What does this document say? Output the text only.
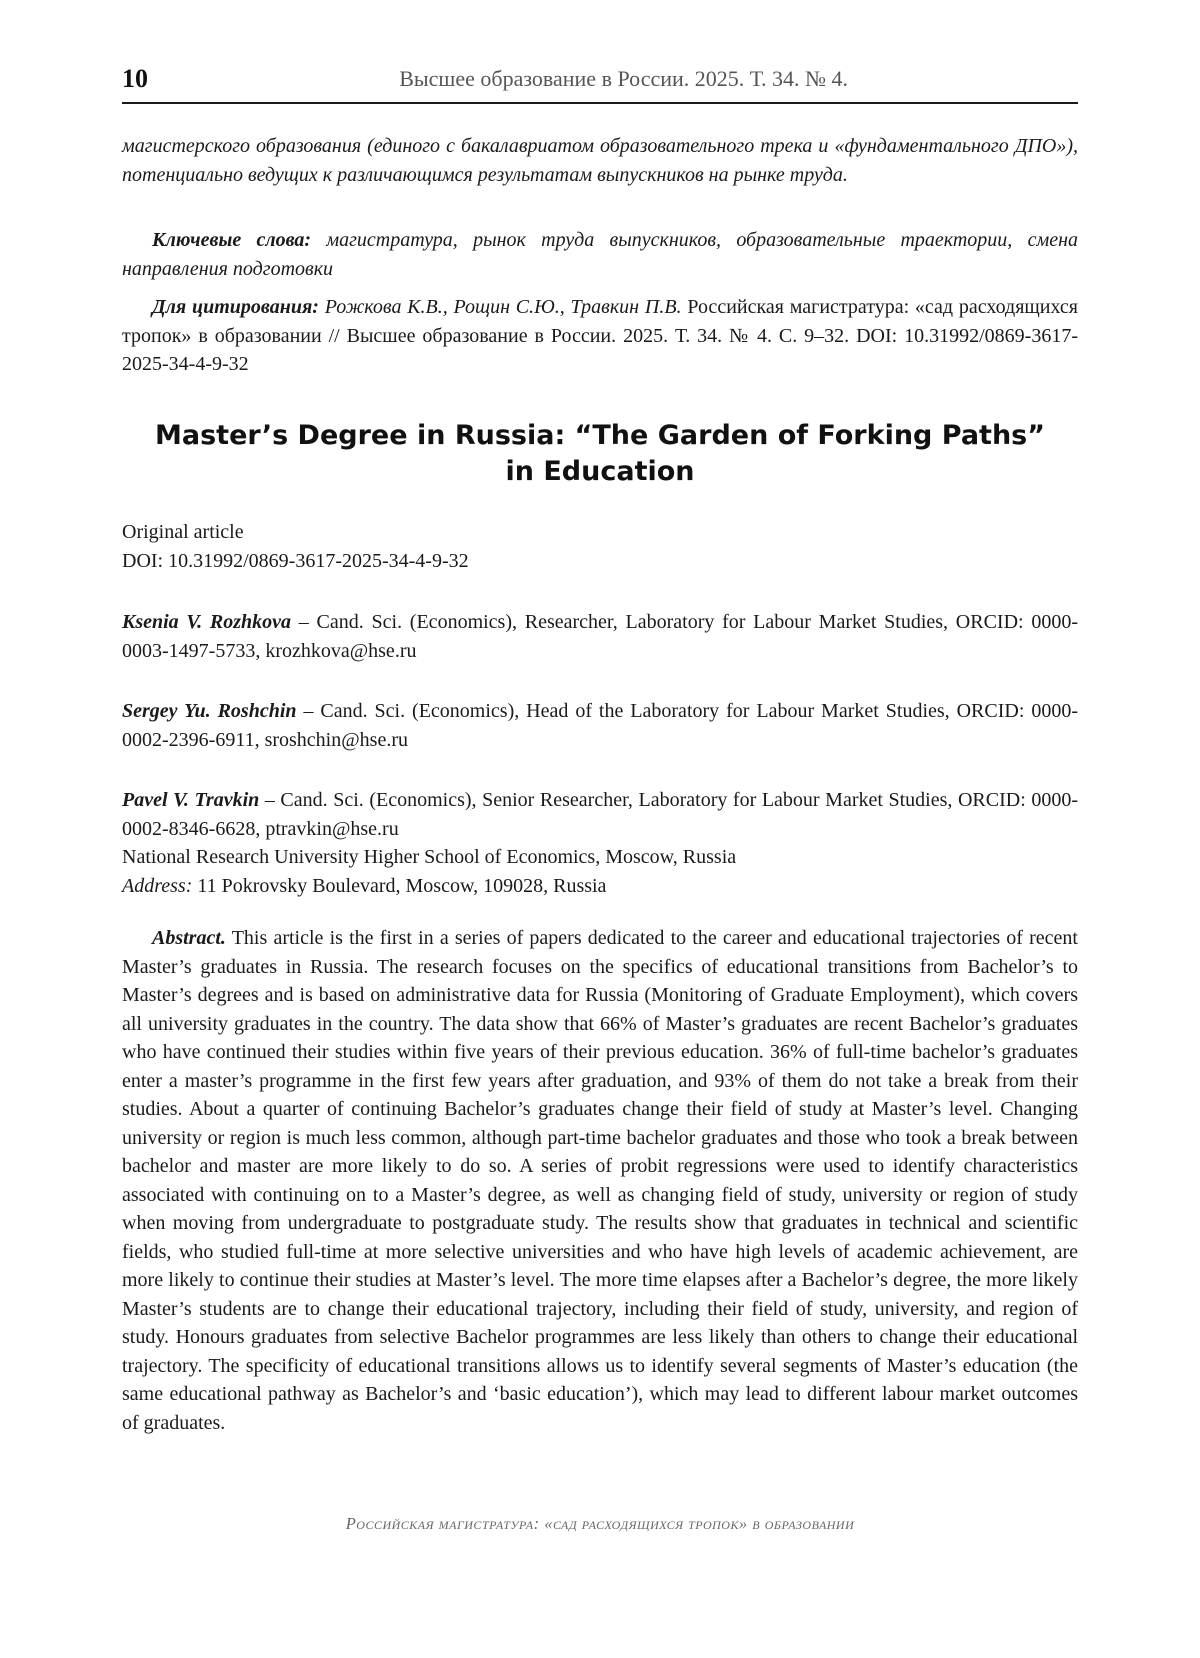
10	Высшее образование в России. 2025. Т. 34. № 4.

магистерского образования (единого с бакалавриатом образовательного трека и «фундаментального ДПО»), потенциально ведущих к различающимся результатам выпускников на рынке труда.

Ключевые слова: магистратура, рынок труда выпускников, образовательные траектории, смена направления подготовки

Для цитирования: Рожкова К.В., Рощин С.Ю., Травкин П.В. Российская магистратура: «сад расходящихся тропок» в образовании // Высшее образование в России. 2025. Т. 34. № 4. С. 9–32. DOI: 10.31992/0869-3617-2025-34-4-9-32

Master’s Degree in Russia: “The Garden of Forking Paths”
in Education
Original article
DOI: 10.31992/0869-3617-2025-34-4-9-32

Ksenia V. Rozhkova – Cand. Sci. (Economics), Researcher, Laboratory for Labour Market Studies, ORCID: 0000-0003-1497-5733, krozhkova@hse.ru

Sergey Yu. Roshchin – Cand. Sci. (Economics), Head of the Laboratory for Labour Market Studies, ORCID: 0000-0002-2396-6911, sroshchin@hse.ru

Pavel V. Travkin – Cand. Sci. (Economics), Senior Researcher, Laboratory for Labour Market Studies, ORCID: 0000-0002-8346-6628, ptravkin@hse.ru

National Research University Higher School of Economics, Moscow, Russia
Address: 11 Pokrovsky Boulevard, Moscow, 109028, Russia

Abstract. This article is the first in a series of papers dedicated to the career and educational trajectories of recent Master’s graduates in Russia. The research focuses on the specifics of educational transitions from Bachelor’s to Master’s degrees and is based on administrative data for Russia (Monitoring of Graduate Employment), which covers all university graduates in the country. The data show that 66% of Master’s graduates are recent Bachelor’s graduates who have continued their studies within five years of their previous education. 36% of full-time bachelor’s graduates enter a master’s programme in the first few years after graduation, and 93% of them do not take a break from their studies. About a quarter of continuing Bachelor’s graduates change their field of study at Master’s level. Changing university or region is much less common, although part-time bachelor graduates and those who took a break between bachelor and master are more likely to do so. A series of probit regressions were used to identify characteristics associated with continuing on to a Master’s degree, as well as changing field of study, university or region of study when moving from undergraduate to postgraduate study. The results show that graduates in technical and scientific fields, who studied full-time at more selective universities and who have high levels of academic achievement, are more likely to continue their studies at Master’s level. The more time elapses after a Bachelor’s degree, the more likely Master’s students are to change their educational trajectory, including their field of study, university, and region of study. Honours graduates from selective Bachelor programmes are less likely than others to change their educational trajectory. The specificity of educational transitions allows us to identify several segments of Master’s education (the same educational pathway as Bachelor’s and ‘basic education’), which may lead to different labour market outcomes of graduates.

Российская магистратура: «сад расходящихся тропок» в образовании
